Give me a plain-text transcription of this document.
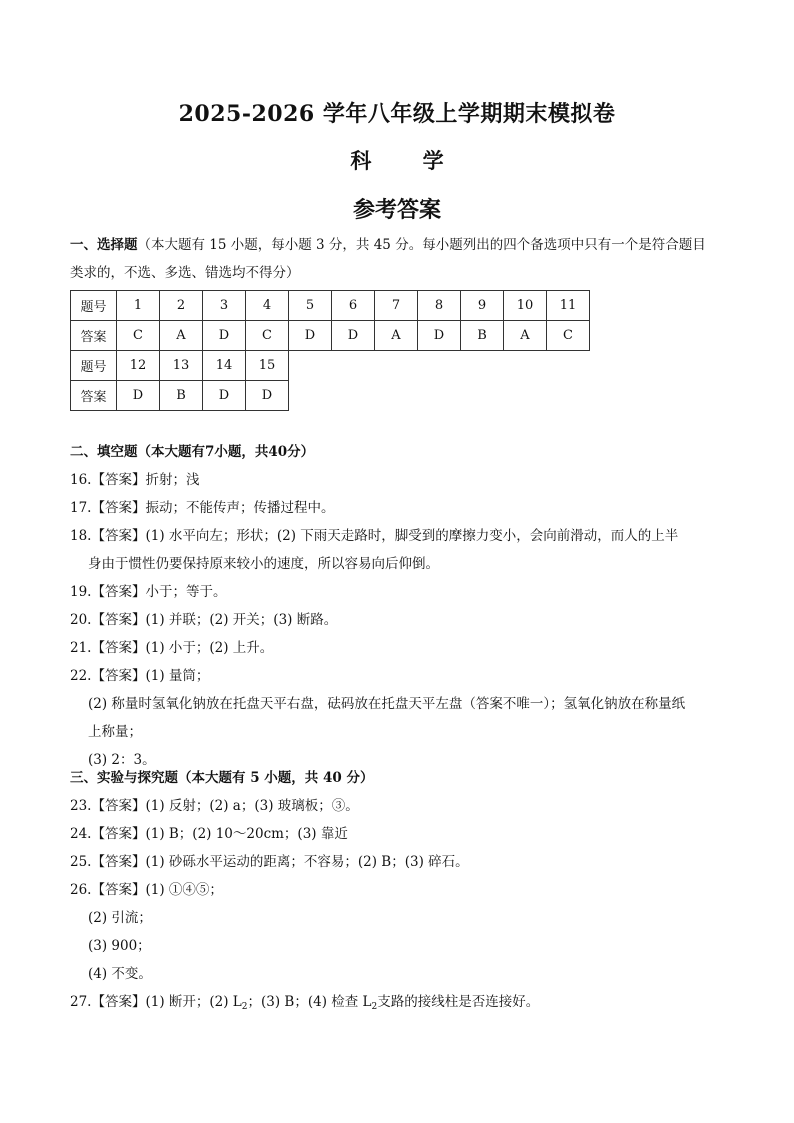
2025-2026 学年八年级上学期期末模拟卷
科 学
参考答案
一、选择题（本大题有 15 小题，每小题 3 分，共 45 分。每小题列出的四个备选项中只有一个是符合题目
类求的，不选、多选、错选均不得分）
题号	1	2	3	4	5	6	7	8	9	10	11
答案	C	A	D	C	D	D	A	D	B	A	C
题号	12	13	14	15							
答案	D	B	D	D							
二、填空题（本大题有7小题，共40分）
16.【答案】折射；浅
17.【答案】振动；不能传声；传播过程中。
18.【答案】(1) 水平向左；形状；(2) 下雨天走路时，脚受到的摩擦力变小，会向前滑动，而人的上半
身由于惯性仍要保持原来较小的速度，所以容易向后仰倒。
19.【答案】小于；等于。
20.【答案】(1) 并联；(2) 开关；(3) 断路。
21.【答案】(1) 小于；(2) 上升。
22.【答案】(1) 量筒；
(2) 称量时氢氧化钠放在托盘天平右盘，砝码放在托盘天平左盘（答案不唯一）；氢氧化钠放在称量纸
上称量；
(3) 2：3。
三、实验与探究题（本大题有 5 小题，共 40 分）
23.【答案】(1) 反射；(2) a；(3) 玻璃板；③。
24.【答案】(1) B；(2) 10～20cm；(3) 靠近
25.【答案】(1) 砂砾水平运动的距离；不容易；(2) B；(3) 碎石。
26.【答案】(1) ①④⑤；
(2) 引流；
(3) 900；
(4) 不变。
27.【答案】(1) 断开；(2) $L_2$；(3) B；(4) 检查 $L_2$支路的接线柱是否连接好。
